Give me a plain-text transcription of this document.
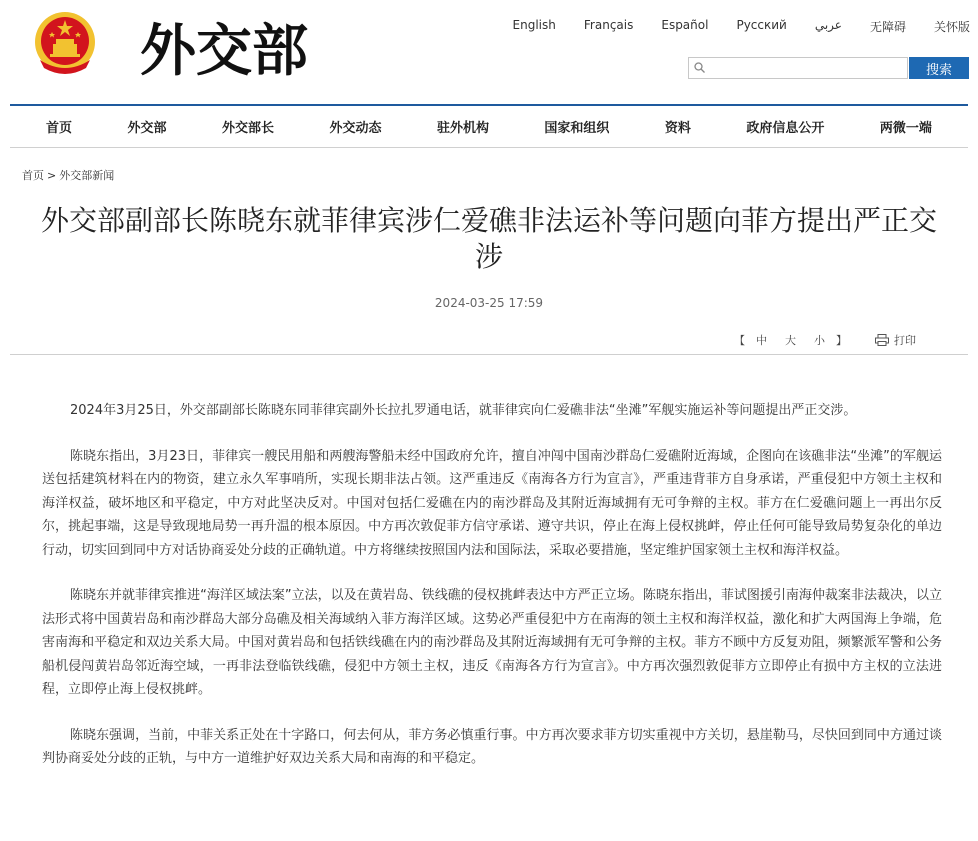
外交部	English Français Español Русский عربي 无障碍 关怀版
搜索
首页	外交部	外交部长	外交动态	驻外机构	国家和组织	资料	政府信息公开	两微一端
首页 > 外交部新闻
外交部副部长陈晓东就菲律宾涉仁爱礁非法运补等问题向菲方提出严正交涉
2024-03-25 17:59
【 中 大 小 】	打印

2024年3月25日，外交部副部长陈晓东同菲律宾副外长拉扎罗通电话，就菲律宾向仁爱礁非法“坐滩”军舰实施运补等问题提出严正交涉。

陈晓东指出，3月23日，菲律宾一艘民用船和两艘海警船未经中国政府允许，擅自冲闯中国南沙群岛仁爱礁附近海域，企图向在该礁非法“坐滩”的军舰运送包括建筑材料在内的物资，建立永久军事哨所，实现长期非法占领。这严重违反《南海各方行为宣言》，严重违背菲方自身承诺，严重侵犯中方领土主权和海洋权益，破坏地区和平稳定，中方对此坚决反对。中国对包括仁爱礁在内的南沙群岛及其附近海域拥有无可争辩的主权。菲方在仁爱礁问题上一再出尔反尔，挑起事端，这是导致现地局势一再升温的根本原因。中方再次敦促菲方信守承诺、遵守共识，停止在海上侵权挑衅，停止任何可能导致局势复杂化的单边行动，切实回到同中方对话协商妥处分歧的正确轨道。中方将继续按照国内法和国际法，采取必要措施，坚定维护国家领土主权和海洋权益。

陈晓东并就菲律宾推进“海洋区域法案”立法，以及在黄岩岛、铁线礁的侵权挑衅表达中方严正立场。陈晓东指出，菲试图援引南海仲裁案非法裁决，以立法形式将中国黄岩岛和南沙群岛大部分岛礁及相关海域纳入菲方海洋区域。这势必严重侵犯中方在南海的领土主权和海洋权益，激化和扩大两国海上争端，危害南海和平稳定和双边关系大局。中国对黄岩岛和包括铁线礁在内的南沙群岛及其附近海域拥有无可争辩的主权。菲方不顾中方反复劝阻，频繁派军警和公务船机侵闯黄岩岛邻近海空域，一再非法登临铁线礁，侵犯中方领土主权，违反《南海各方行为宣言》。中方再次强烈敦促菲方立即停止有损中方主权的立法进程，立即停止海上侵权挑衅。

陈晓东强调，当前，中菲关系正处在十字路口，何去何从，菲方务必慎重行事。中方再次要求菲方切实重视中方关切，悬崖勒马，尽快回到同中方通过谈判协商妥处分歧的正轨，与中方一道维护好双边关系大局和南海的和平稳定。
